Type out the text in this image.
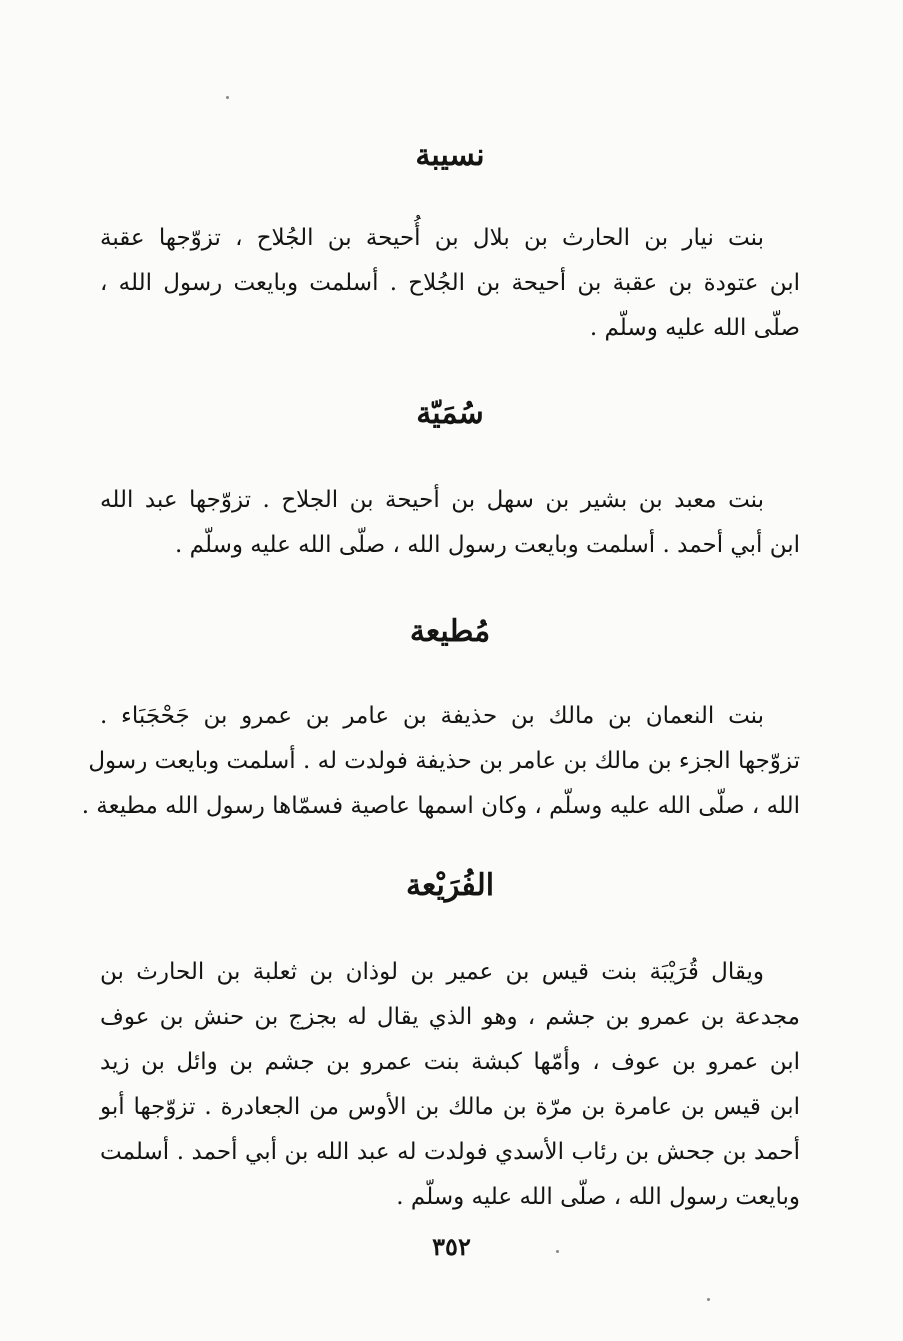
نسيبة

بنت نيار بن الحارث بن بلال بن أُحيحة بن الجُلاح ، تزوّجها عقبة
ابن عتودة بن عقبة بن أحيحة بن الجُلاح . أسلمت وبايعت رسول الله ،
صلّى الله عليه وسلّم .

سُمَيّة

بنت معبد بن بشير بن سهل بن أحيحة بن الجلاح . تزوّجها عبد الله
ابن أبي أحمد . أسلمت وبايعت رسول الله ، صلّى الله عليه وسلّم .

مُطيعة

بنت النعمان بن مالك بن حذيفة بن عامر بن عمرو بن جَحْجَبَاء .
تزوّجها الجزء بن مالك بن عامر بن حذيفة فولدت له . أسلمت وبايعت رسول
الله ، صلّى الله عليه وسلّم ، وكان اسمها عاصية فسمّاها رسول الله مطيعة .

الفُرَيْعة

ويقال قُرَيْبَة بنت قيس بن عمير بن لوذان بن ثعلبة بن الحارث بن
مجدعة بن عمرو بن جشم ، وهو الذي يقال له بجزج بن حنش بن عوف
ابن عمرو بن عوف ، وأمّها كبشة بنت عمرو بن جشم بن وائل بن زيد
ابن قيس بن عامرة بن مرّة بن مالك بن الأوس من الجعادرة . تزوّجها أبو
أحمد بن جحش بن رئاب الأسدي فولدت له عبد الله بن أبي أحمد . أسلمت
وبايعت رسول الله ، صلّى الله عليه وسلّم .

٣٥٢
